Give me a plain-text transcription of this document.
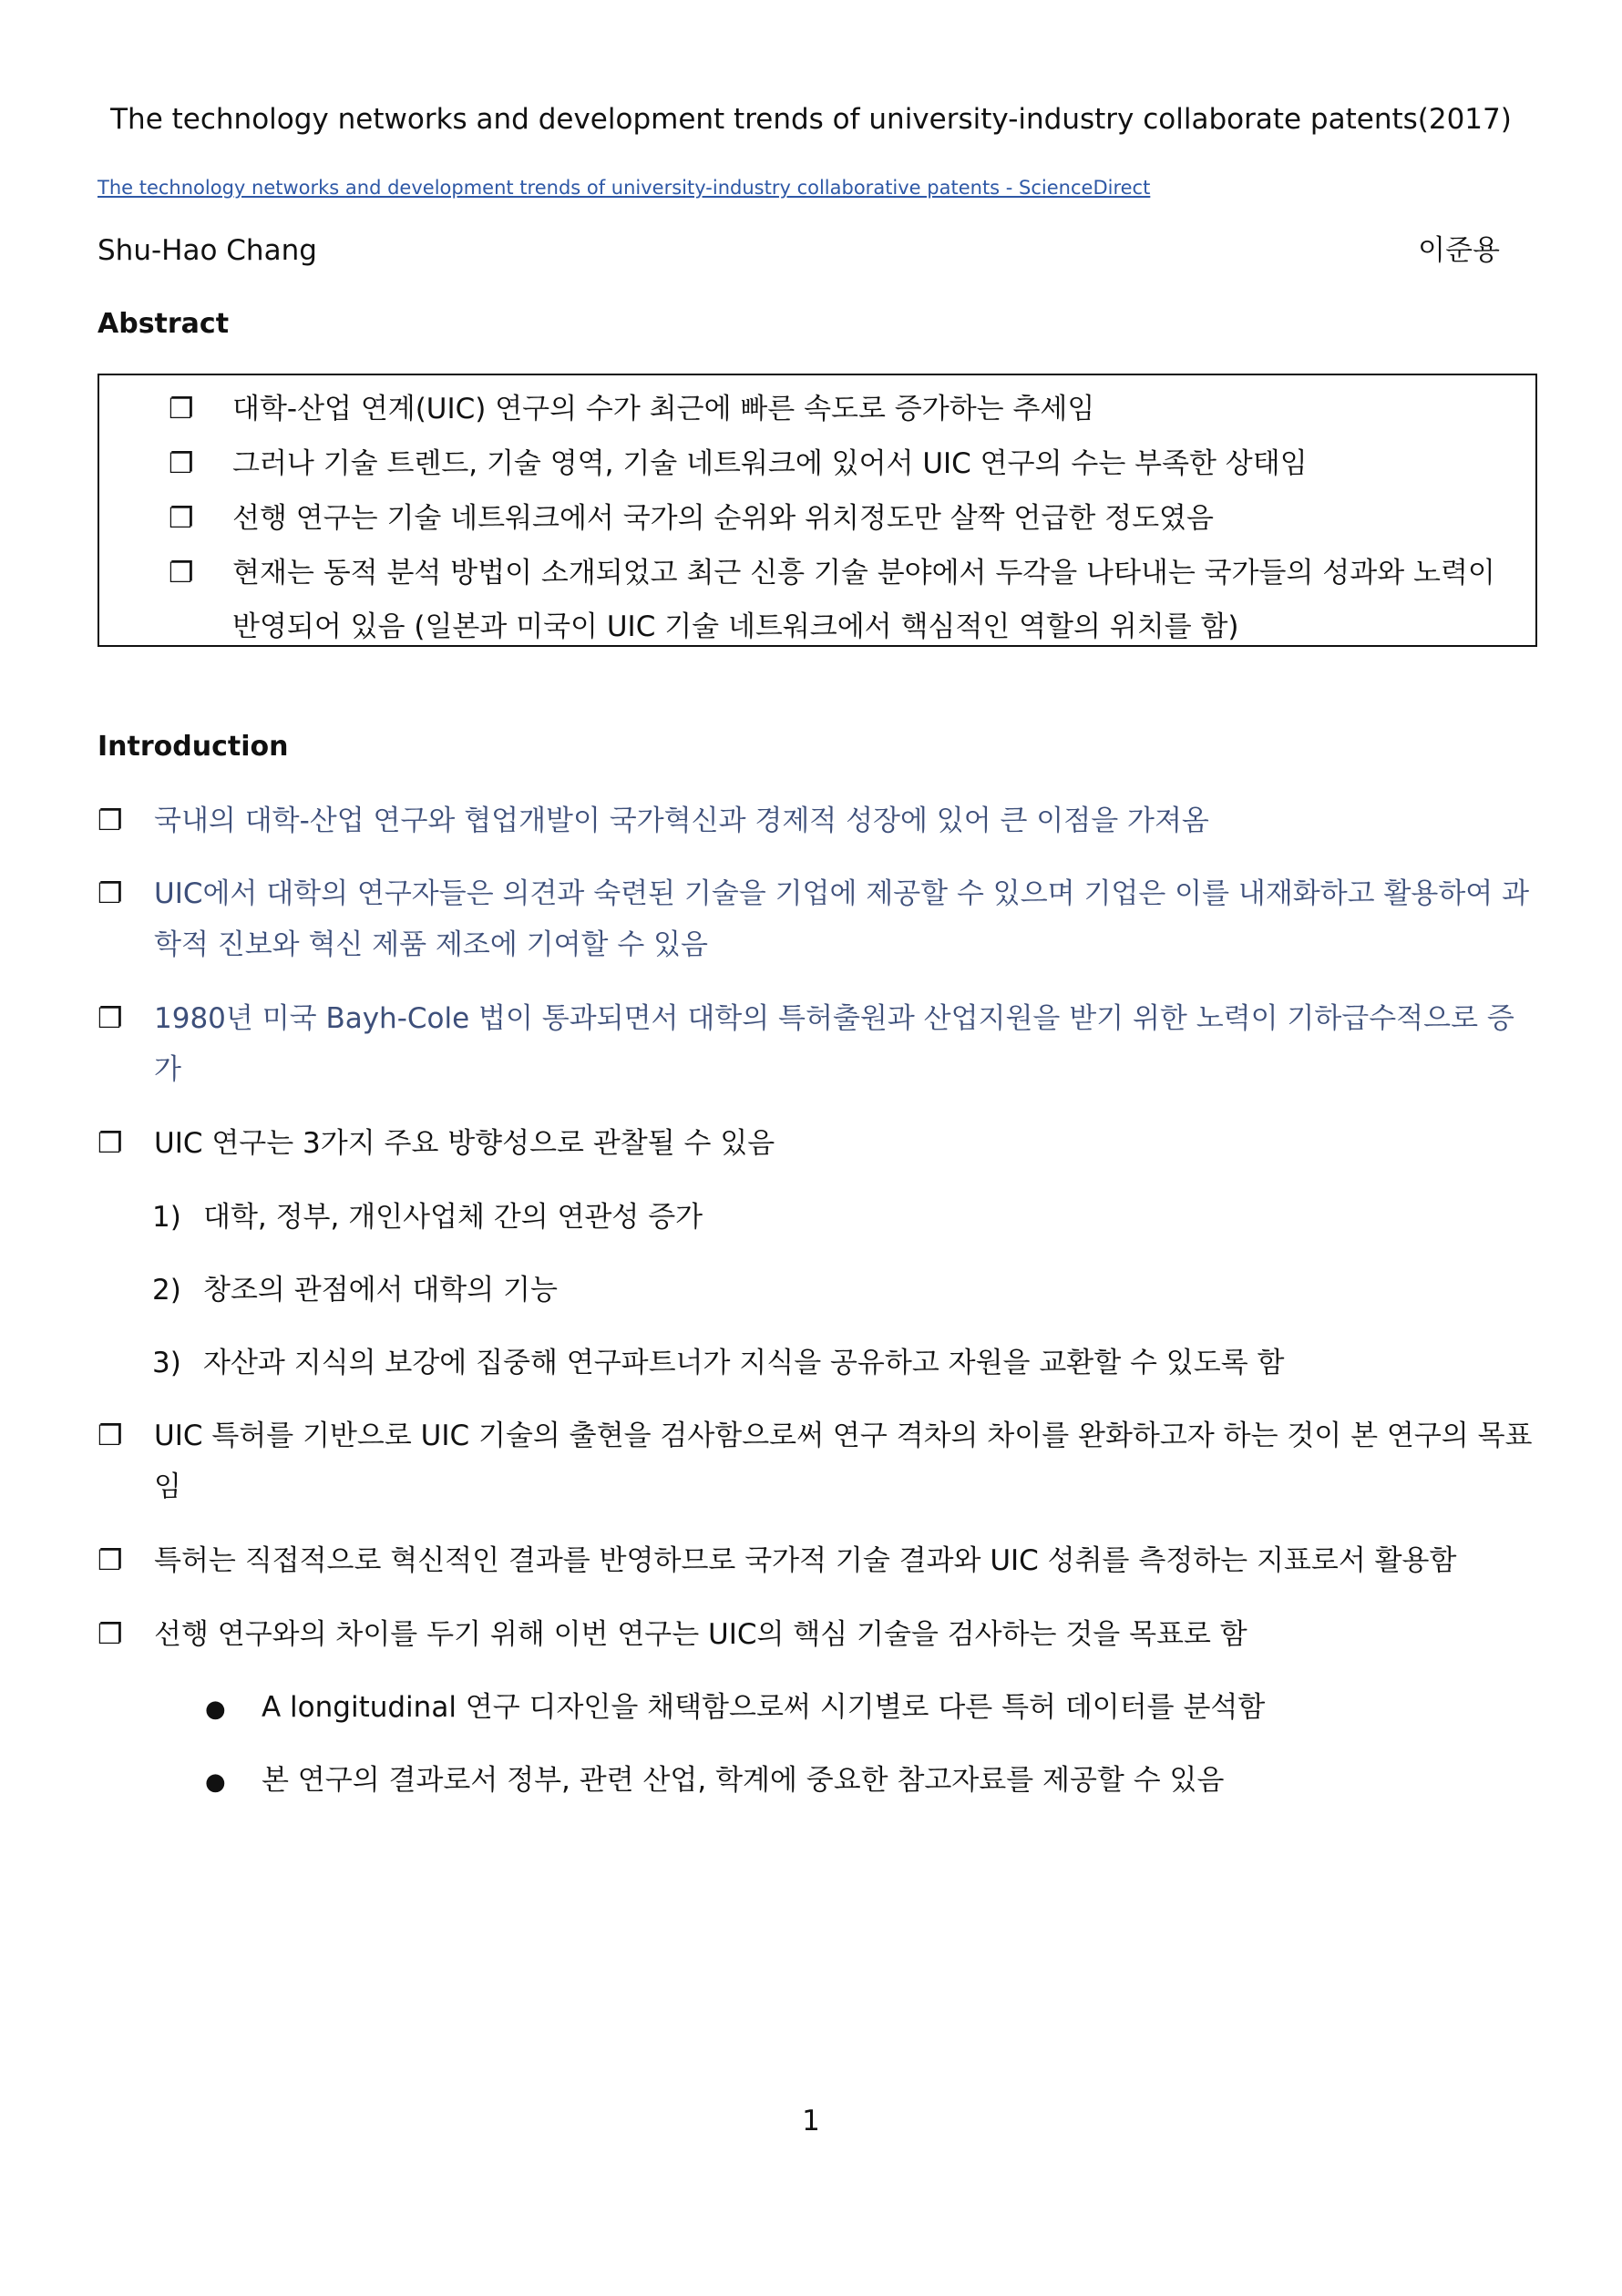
The technology networks and development trends of university-industry collaborate patents(2017)
The technology networks and development trends of university-industry collaborative patents - ScienceDirect
Shu-Hao Chang	이준용
Abstract
❐ 대학-산업 연계(UIC) 연구의 수가 최근에 빠른 속도로 증가하는 추세임
❐ 그러나 기술 트렌드, 기술 영역, 기술 네트워크에 있어서 UIC 연구의 수는 부족한 상태임
❐ 선행 연구는 기술 네트워크에서 국가의 순위와 위치정도만 살짝 언급한 정도였음
❐ 현재는 동적 분석 방법이 소개되었고 최근 신흥 기술 분야에서 두각을 나타내는 국가들의 성과와 노력이 반영되어 있음 (일본과 미국이 UIC 기술 네트워크에서 핵심적인 역할의 위치를 함)
Introduction
❐ 국내의 대학-산업 연구와 협업개발이 국가혁신과 경제적 성장에 있어 큰 이점을 가져옴
❐ UIC에서 대학의 연구자들은 의견과 숙련된 기술을 기업에 제공할 수 있으며 기업은 이를 내재화하고 활용하여 과학적 진보와 혁신 제품 제조에 기여할 수 있음
❐ 1980년 미국 Bayh-Cole 법이 통과되면서 대학의 특허출원과 산업지원을 받기 위한 노력이 기하급수적으로 증가
❐ UIC 연구는 3가지 주요 방향성으로 관찰될 수 있음
1) 대학, 정부, 개인사업체 간의 연관성 증가
2) 창조의 관점에서 대학의 기능
3) 자산과 지식의 보강에 집중해 연구파트너가 지식을 공유하고 자원을 교환할 수 있도록 함
❐ UIC 특허를 기반으로 UIC 기술의 출현을 검사함으로써 연구 격차의 차이를 완화하고자 하는 것이 본 연구의 목표임
❐ 특허는 직접적으로 혁신적인 결과를 반영하므로 국가적 기술 결과와 UIC 성취를 측정하는 지표로서 활용함
❐ 선행 연구와의 차이를 두기 위해 이번 연구는 UIC의 핵심 기술을 검사하는 것을 목표로 함
● A longitudinal 연구 디자인을 채택함으로써 시기별로 다른 특허 데이터를 분석함
● 본 연구의 결과로서 정부, 관련 산업, 학계에 중요한 참고자료를 제공할 수 있음
1
